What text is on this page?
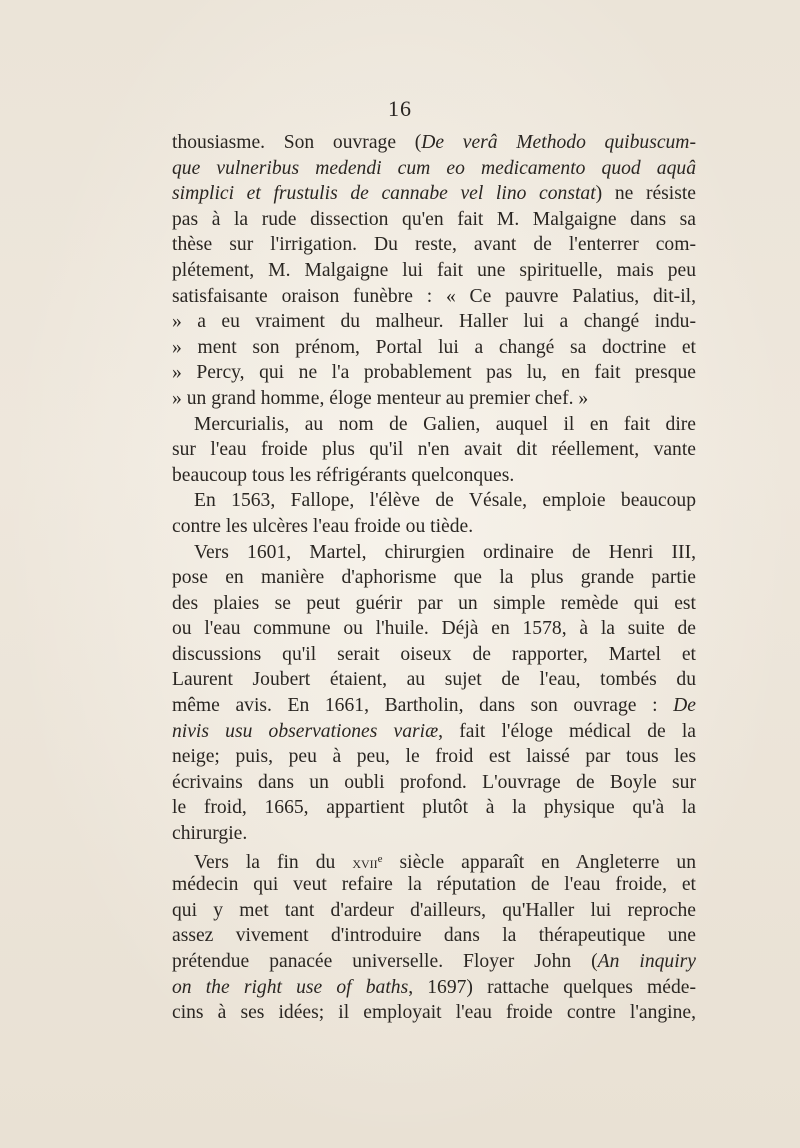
16
thousiasme. Son ouvrage (De verâ Methodo quibuscum-
que vulneribus medendi cum eo medicamento quod aquâ
simplici et frustulis de cannabe vel lino constat) ne résiste
pas à la rude dissection qu'en fait M. Malgaigne dans sa
thèse sur l'irrigation. Du reste, avant de l'enterrer com-
plétement, M. Malgaigne lui fait une spirituelle, mais peu
satisfaisante oraison funèbre : « Ce pauvre Palatius, dit-il,
» a eu vraiment du malheur. Haller lui a changé indu-
» ment son prénom, Portal lui a changé sa doctrine et
» Percy, qui ne l'a probablement pas lu, en fait presque
» un grand homme, éloge menteur au premier chef. »
Mercurialis, au nom de Galien, auquel il en fait dire
sur l'eau froide plus qu'il n'en avait dit réellement, vante
beaucoup tous les réfrigérants quelconques.
En 1563, Fallope, l'élève de Vésale, emploie beaucoup
contre les ulcères l'eau froide ou tiède.
Vers 1601, Martel, chirurgien ordinaire de Henri III,
pose en manière d'aphorisme que la plus grande partie
des plaies se peut guérir par un simple remède qui est
ou l'eau commune ou l'huile. Déjà en 1578, à la suite de
discussions qu'il serait oiseux de rapporter, Martel et
Laurent Joubert étaient, au sujet de l'eau, tombés du
même avis. En 1661, Bartholin, dans son ouvrage : De
nivis usu observationes variæ, fait l'éloge médical de la
neige; puis, peu à peu, le froid est laissé par tous les
écrivains dans un oubli profond. L'ouvrage de Boyle sur
le froid, 1665, appartient plutôt à la physique qu'à la
chirurgie.
Vers la fin du xvii$^e$ siècle apparaît en Angleterre un
médecin qui veut refaire la réputation de l'eau froide, et
qui y met tant d'ardeur d'ailleurs, qu'Haller lui reproche
assez vivement d'introduire dans la thérapeutique une
prétendue panacée universelle. Floyer John (An inquiry
on the right use of baths, 1697) rattache quelques méde-
cins à ses idées; il employait l'eau froide contre l'angine,
